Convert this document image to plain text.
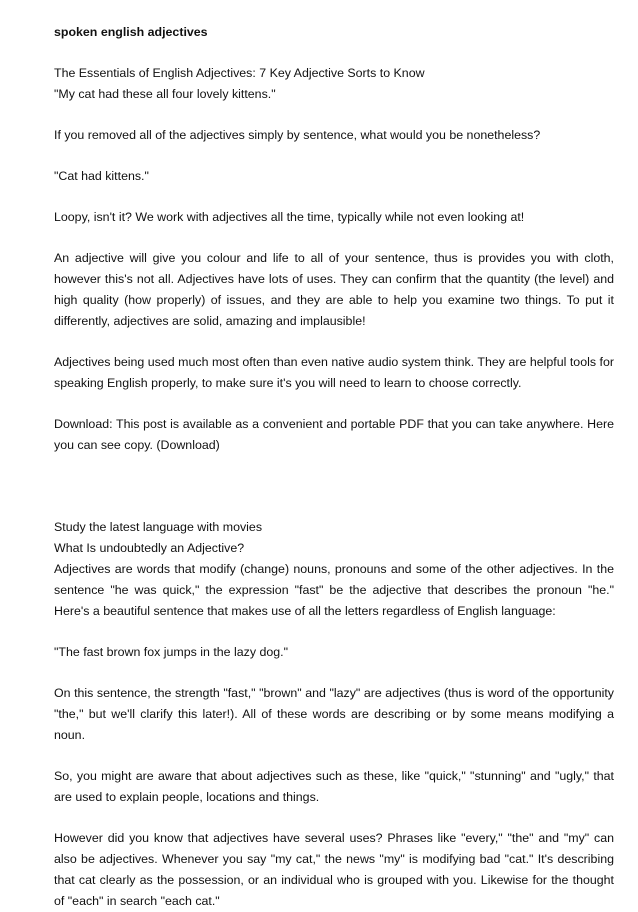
spoken english adjectives

The Essentials of English Adjectives: 7 Key Adjective Sorts to Know

"My cat had these all four lovely kittens."

If you removed all of the adjectives simply by sentence, what would you be nonetheless?

"Cat had kittens."

Loopy, isn't it? We work with adjectives all the time, typically while not even looking at!

An adjective will give you colour and life to all of your sentence, thus is provides you with cloth, however this's not all. Adjectives have lots of uses. They can confirm that the quantity (the level) and high quality (how properly) of issues, and they are able to help you examine two things. To put it differently, adjectives are solid, amazing and implausible!

Adjectives being used much most often than even native audio system think. They are helpful tools for speaking English properly, to make sure it's you will need to learn to choose correctly.

Download: This post is available as a convenient and portable PDF that you can take anywhere. Here you can see copy. (Download)

Study the latest language with movies

What Is undoubtedly an Adjective?

Adjectives are words that modify (change) nouns, pronouns and some of the other adjectives. In the sentence "he was quick," the expression "fast" be the adjective that describes the pronoun "he." Here's a beautiful sentence that makes use of all the letters regardless of English language:

"The fast brown fox jumps in the lazy dog."

On this sentence, the strength "fast," "brown" and "lazy" are adjectives (thus is word of the opportunity "the," but we'll clarify this later!). All of these words are describing or by some means modifying a noun.

So, you might are aware that about adjectives such as these, like "quick," "stunning" and "ugly," that are used to explain people, locations and things.

However did you know that adjectives have several uses? Phrases like "every," "the" and "my" can also be adjectives. Whenever you say "my cat," the news "my" is modifying bad "cat." It's describing that cat clearly as the possession, or an individual who is grouped with you. Likewise for the thought of "each" in search "each cat."
